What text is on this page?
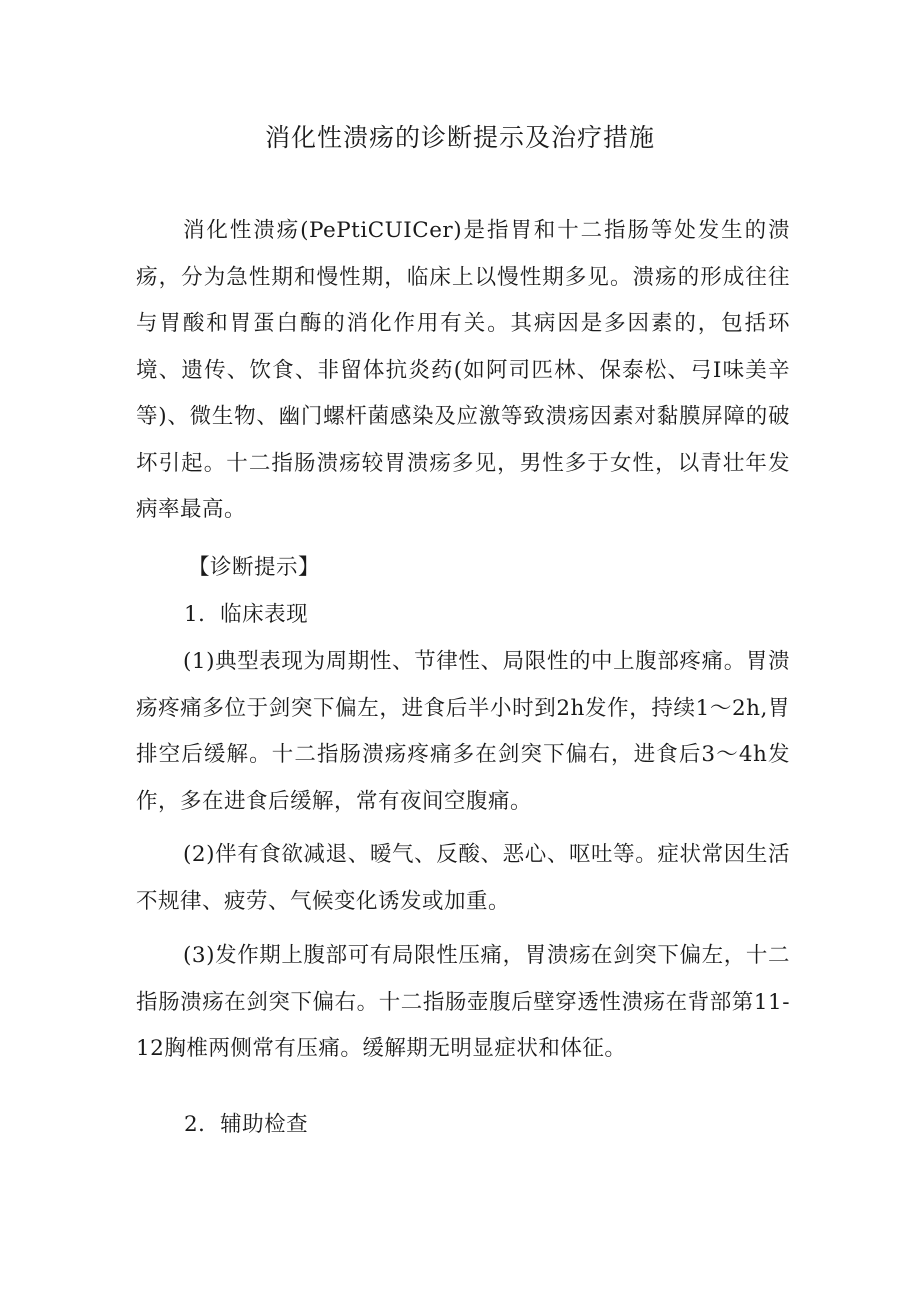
消化性溃疡的诊断提示及治疗措施
消化性溃疡(PePtiCUICer)是指胃和十二指肠等处发生的溃疡，分为急性期和慢性期，临床上以慢性期多见。溃疡的形成往往与胃酸和胃蛋白酶的消化作用有关。其病因是多因素的，包括环境、遗传、饮食、非留体抗炎药(如阿司匹林、保泰松、弓I味美辛等)、微生物、幽门螺杆菌感染及应激等致溃疡因素对黏膜屏障的破坏引起。十二指肠溃疡较胃溃疡多见，男性多于女性，以青壮年发病率最高。
【诊断提示】
1．临床表现
(1)典型表现为周期性、节律性、局限性的中上腹部疼痛。胃溃疡疼痛多位于剑突下偏左，进食后半小时到2h发作，持续1～2h,胃排空后缓解。十二指肠溃疡疼痛多在剑突下偏右，进食后3～4h发作，多在进食后缓解，常有夜间空腹痛。
(2)伴有食欲减退、暧气、反酸、恶心、呕吐等。症状常因生活不规律、疲劳、气候变化诱发或加重。
(3)发作期上腹部可有局限性压痛，胃溃疡在剑突下偏左，十二指肠溃疡在剑突下偏右。十二指肠壶腹后壁穿透性溃疡在背部第11-12胸椎两侧常有压痛。缓解期无明显症状和体征。
2．辅助检查
